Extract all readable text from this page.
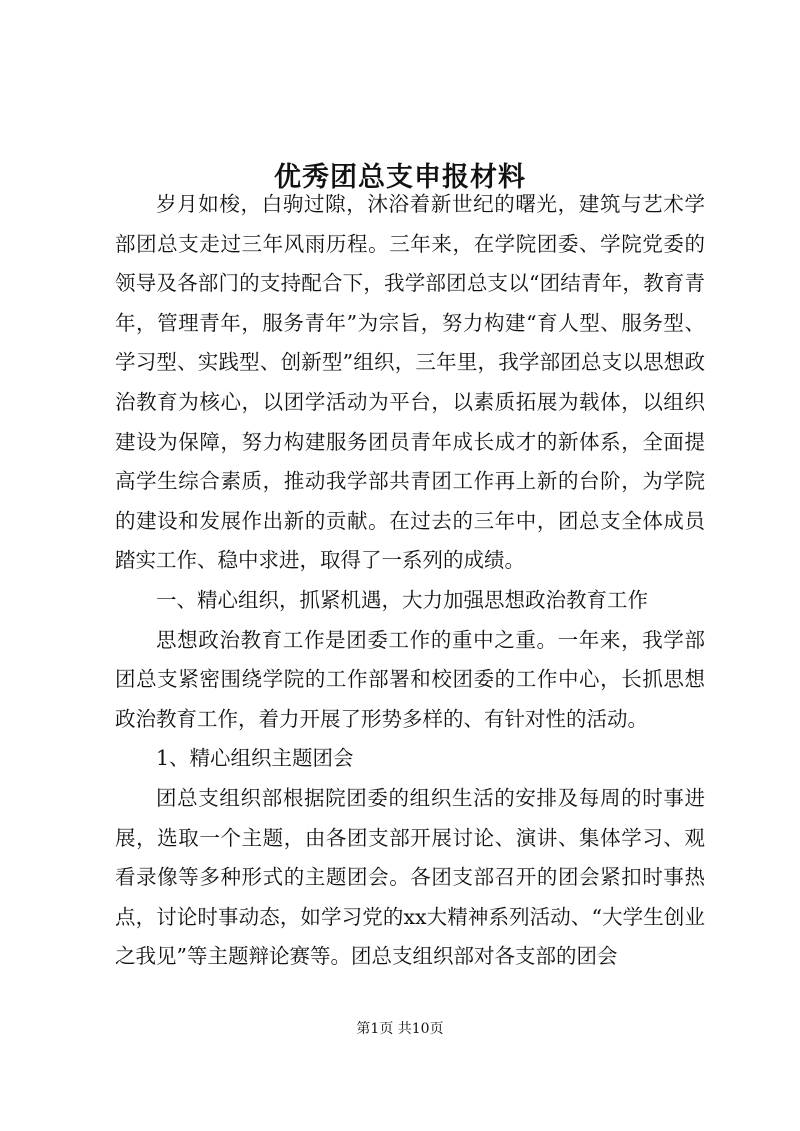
优秀团总支申报材料

岁月如梭，白驹过隙，沐浴着新世纪的曙光，建筑与艺术学部团总支走过三年风雨历程。三年来，在学院团委、学院党委的领导及各部门的支持配合下，我学部团总支以“团结青年，教育青年，管理青年，服务青年”为宗旨，努力构建“育人型、服务型、学习型、实践型、创新型”组织，三年里，我学部团总支以思想政治教育为核心，以团学活动为平台，以素质拓展为载体，以组织建设为保障，努力构建服务团员青年成长成才的新体系，全面提高学生综合素质，推动我学部共青团工作再上新的台阶，为学院的建设和发展作出新的贡献。在过去的三年中，团总支全体成员踏实工作、稳中求进，取得了一系列的成绩。

一、精心组织，抓紧机遇，大力加强思想政治教育工作

思想政治教育工作是团委工作的重中之重。一年来，我学部团总支紧密围绕学院的工作部署和校团委的工作中心，长抓思想政治教育工作，着力开展了形势多样的、有针对性的活动。

1、精心组织主题团会

团总支组织部根据院团委的组织生活的安排及每周的时事进展，选取一个主题，由各团支部开展讨论、演讲、集体学习、观看录像等多种形式的主题团会。各团支部召开的团会紧扣时事热点，讨论时事动态，如学习党的xx大精神系列活动、“大学生创业之我见”等主题辩论赛等。团总支组织部对各支部的团会

第1页 共10页
